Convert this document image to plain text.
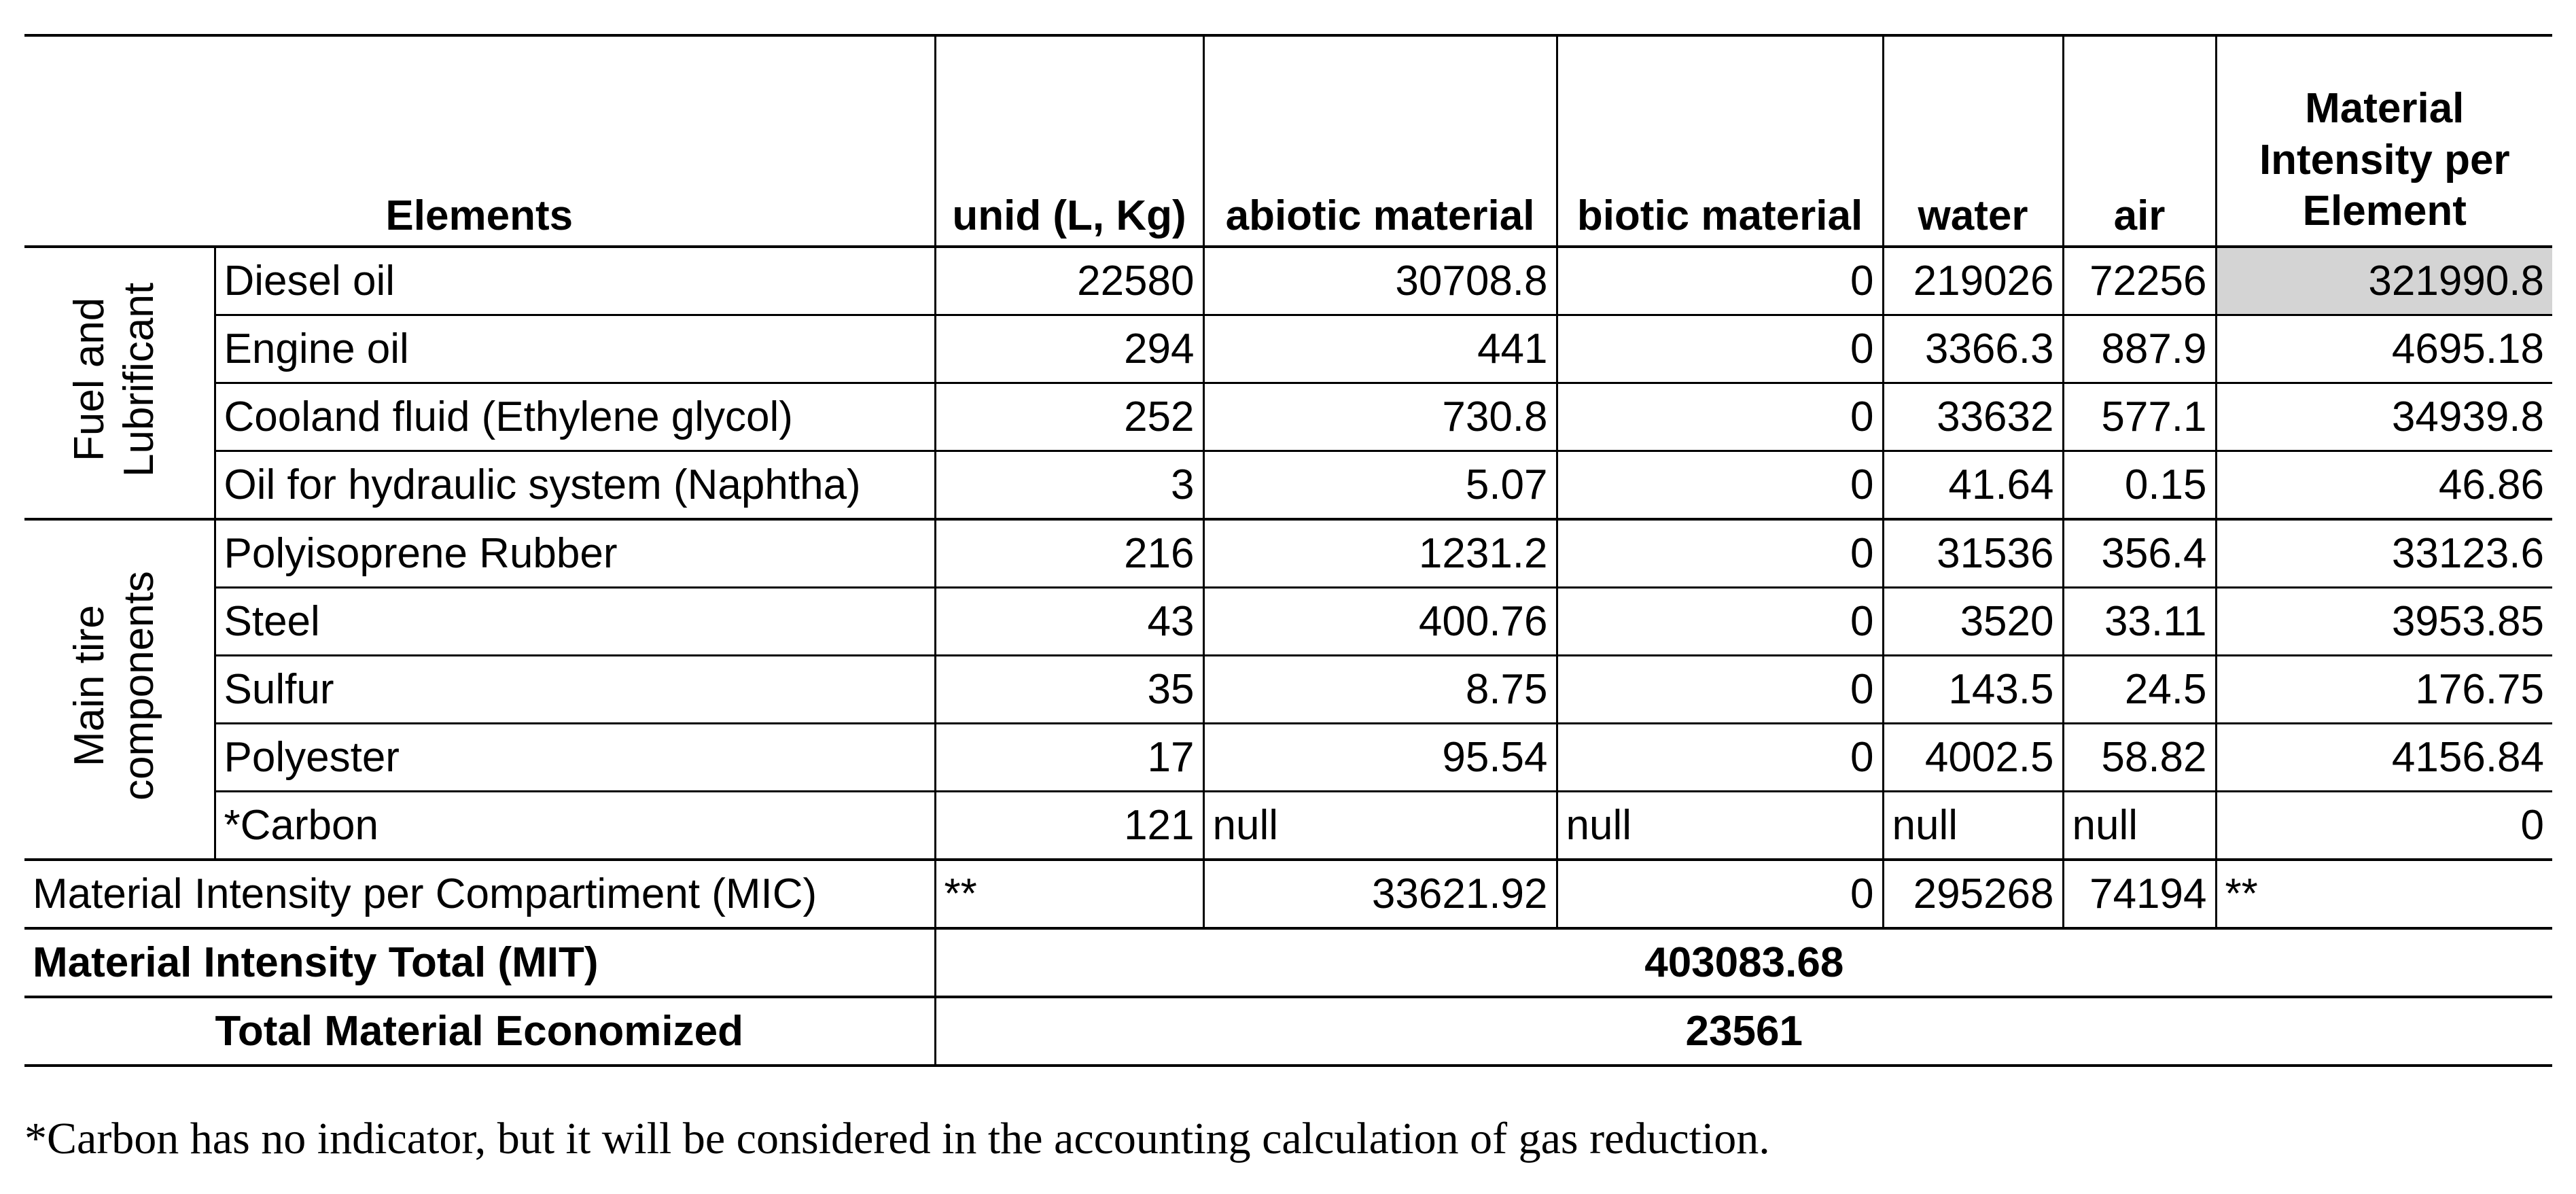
Elements		unid (L, Kg)	abiotic material	biotic material	water	air	Material Intensity per Element
Fuel and Lubrificant	Diesel oil	22580	30708.8	0	219026	72256	321990.8
	Engine oil	294	441	0	3366.3	887.9	4695.18
	Cooland fluid (Ethylene glycol)	252	730.8	0	33632	577.1	34939.8
	Oil for hydraulic system (Naphtha)	3	5.07	0	41.64	0.15	46.86
Main tire components	Polyisoprene Rubber	216	1231.2	0	31536	356.4	33123.6
	Steel	43	400.76	0	3520	33.11	3953.85
	Sulfur	35	8.75	0	143.5	24.5	176.75
	Polyester	17	95.54	0	4002.5	58.82	4156.84
	*Carbon	121	null	null	null	null	0
Material Intensity per Compartiment (MIC)		**	33621.92	0	295268	74194	**
Material Intensity Total (MIT)		403083.68					
Total Material Economized		23561					
*Carbon has no indicator, but it will be considered in the accounting calculation of gas reduction.
